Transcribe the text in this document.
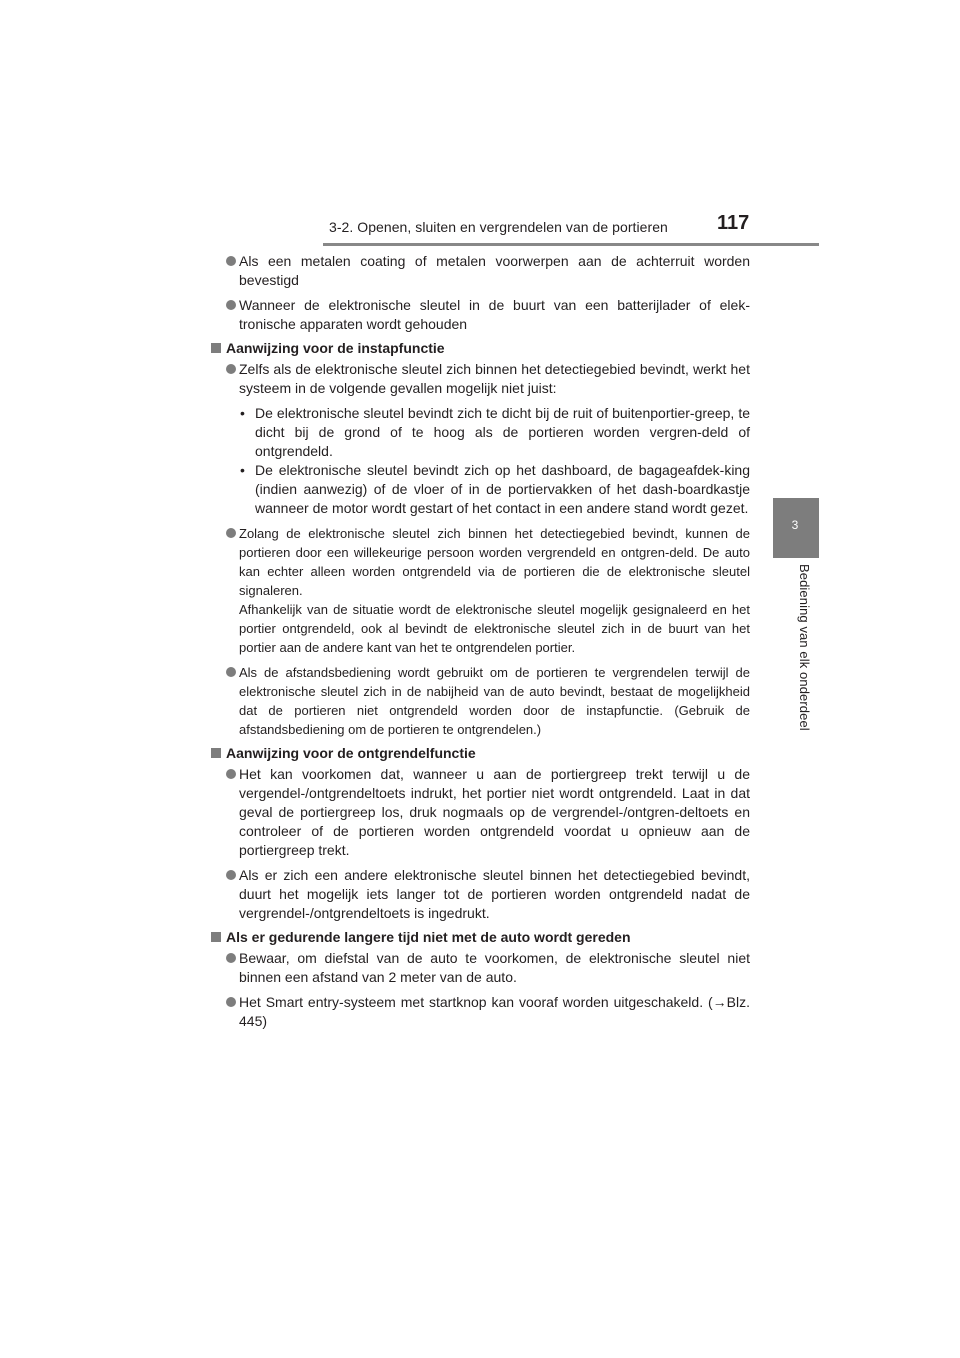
3-2. Openen, sluiten en vergrendelen van de portieren 117
3
Bediening van elk onderdeel
Als een metalen coating of metalen voorwerpen aan de achterruit worden bevestigd
Wanneer de elektronische sleutel in de buurt van een batterijlader of elek-tronische apparaten wordt gehouden
Aanwijzing voor de instapfunctie
Zelfs als de elektronische sleutel zich binnen het detectiegebied bevindt, werkt het systeem in de volgende gevallen mogelijk niet juist:
• De elektronische sleutel bevindt zich te dicht bij de ruit of buitenportier-greep, te dicht bij de grond of te hoog als de portieren worden vergren-deld of ontgrendeld.
• De elektronische sleutel bevindt zich op het dashboard, de bagageafdek-king (indien aanwezig) of de vloer of in de portiervakken of het dash-boardkastje wanneer de motor wordt gestart of het contact in een andere stand wordt gezet.
Zolang de elektronische sleutel zich binnen het detectiegebied bevindt, kunnen de portieren door een willekeurige persoon worden vergrendeld en ontgren-deld. De auto kan echter alleen worden ontgrendeld via de portieren die de elektronische sleutel signaleren.
Afhankelijk van de situatie wordt de elektronische sleutel mogelijk gesignaleerd en het portier ontgrendeld, ook al bevindt de elektronische sleutel zich in de buurt van het portier aan de andere kant van het te ontgrendelen portier.
Als de afstandsbediening wordt gebruikt om de portieren te vergrendelen terwijl de elektronische sleutel zich in de nabijheid van de auto bevindt, bestaat de mogelijkheid dat de portieren niet ontgrendeld worden door de instapfunctie. (Gebruik de afstandsbediening om de portieren te ontgrendelen.)
Aanwijzing voor de ontgrendelfunctie
Het kan voorkomen dat, wanneer u aan de portiergreep trekt terwijl u de vergendel-/ontgrendeltoets indrukt, het portier niet wordt ontgrendeld. Laat in dat geval de portiergreep los, druk nogmaals op de vergrendel-/ontgren-deltoets en controleer of de portieren worden ontgrendeld voordat u opnieuw aan de portiergreep trekt.
Als er zich een andere elektronische sleutel binnen het detectiegebied bevindt, duurt het mogelijk iets langer tot de portieren worden ontgrendeld nadat de vergrendel-/ontgrendeltoets is ingedrukt.
Als er gedurende langere tijd niet met de auto wordt gereden
Bewaar, om diefstal van de auto te voorkomen, de elektronische sleutel niet binnen een afstand van 2 meter van de auto.
Het Smart entry-systeem met startknop kan vooraf worden uitgeschakeld. (→Blz. 445)
